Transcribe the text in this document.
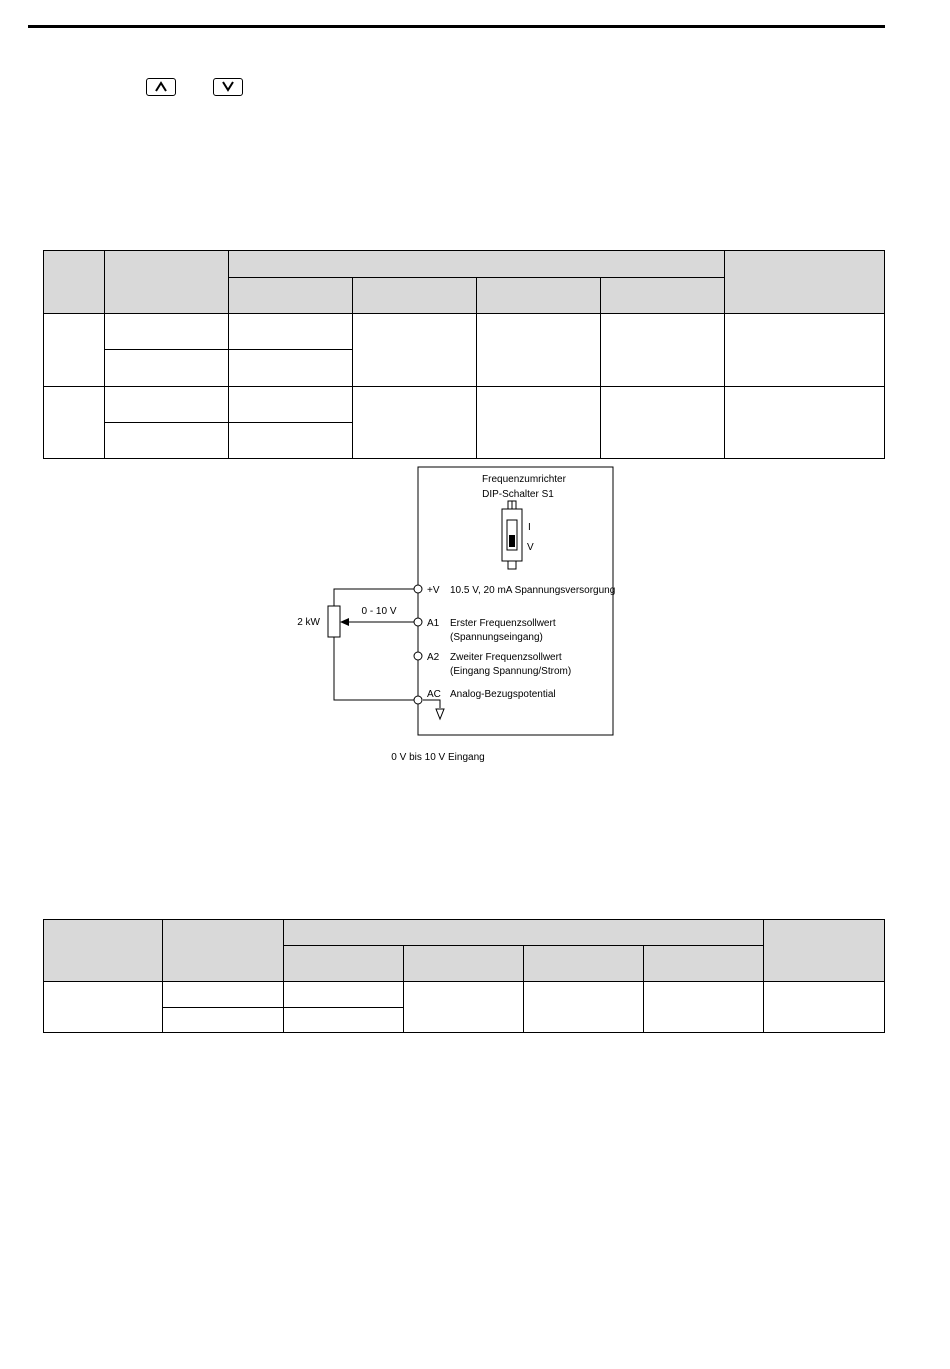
Frequenzumrichter
DIP-Schalter S1
I
V
2 kW
0 - 10 V
+V 10.5 V, 20 mA Spannungsversorgung
A1 Erster Frequenzsollwert
(Spannungseingang)
A2 Zweiter Frequenzsollwert
(Eingang Spannung/Strom)
AC Analog-Bezugspotential
0 V bis 10 V Eingang
